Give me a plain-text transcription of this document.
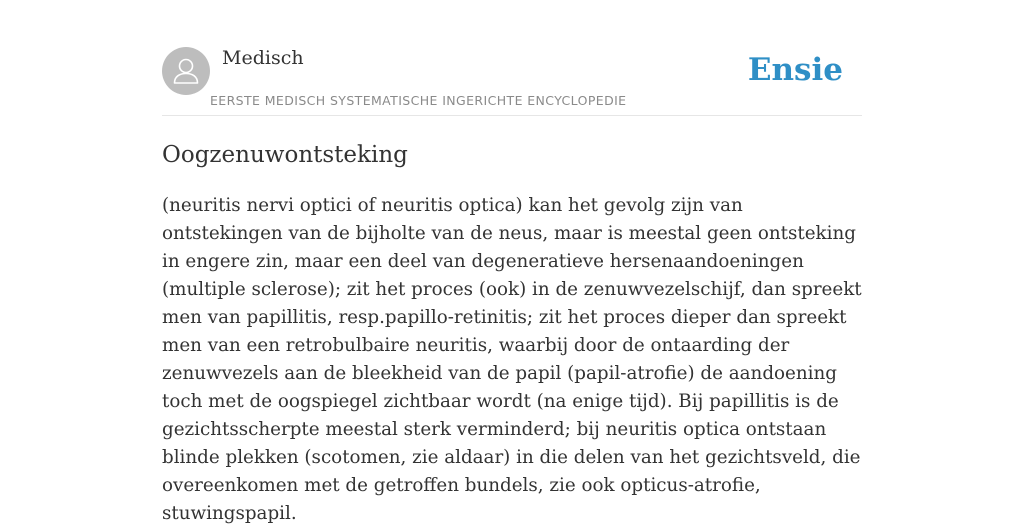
Medisch
EERSTE MEDISCH SYSTEMATISCHE INGERICHTE ENCYCLOPEDIE
Ensie
Oogzenuwontsteking

(neuritis nervi optici of neuritis optica) kan het gevolg zijn van ontstekingen van de bijholte van de neus, maar is meestal geen ontsteking in engere zin, maar een deel van degeneratieve hersenaandoeningen (multiple sclerose); zit het proces (ook) in de zenuwvezelschijf, dan spreekt men van papillitis, resp.papillo-retinitis; zit het proces dieper dan spreekt men van een retrobulbaire neuritis, waarbij door de ontaarding der zenuwvezels aan de bleekheid van de papil (papil-atrofie) de aandoening toch met de oogspiegel zichtbaar wordt (na enige tijd). Bij papillitis is de gezichtsscherpte meestal sterk verminderd; bij neuritis optica ontstaan blinde plekken (scotomen, zie aldaar) in die delen van het gezichtsveld, die overeenkomen met de getroffen bundels, zie ook opticus-atrofie, stuwingspapil.
